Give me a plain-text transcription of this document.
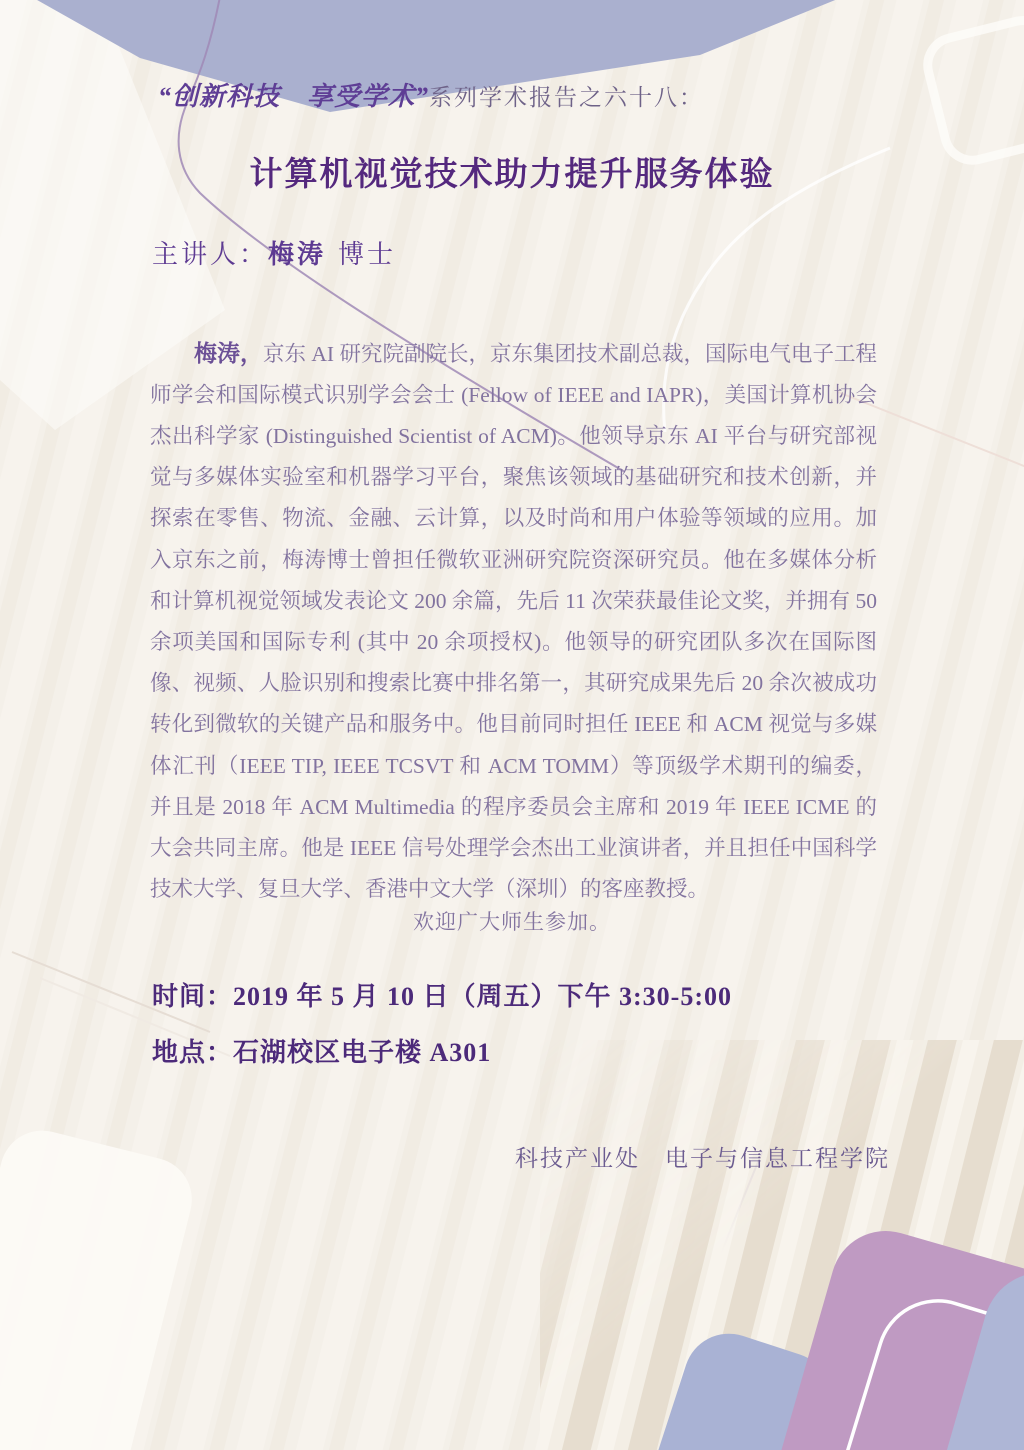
“创新科技　享受学术”系列学术报告之六十八：
计算机视觉技术助力提升服务体验
主讲人：梅涛 博士

梅涛，京东 AI 研究院副院长，京东集团技术副总裁，国际电气电子工程师学会和国际模式识别学会会士 (Fellow of IEEE and IAPR)，美国计算机协会杰出科学家 (Distinguished Scientist of ACM)。他领导京东 AI 平台与研究部视觉与多媒体实验室和机器学习平台，聚焦该领域的基础研究和技术创新，并探索在零售、物流、金融、云计算，以及时尚和用户体验等领域的应用。加入京东之前，梅涛博士曾担任微软亚洲研究院资深研究员。他在多媒体分析和计算机视觉领域发表论文 200 余篇，先后 11 次荣获最佳论文奖，并拥有 50 余项美国和国际专利 (其中 20 余项授权)。他领导的研究团队多次在国际图像、视频、人脸识别和搜索比赛中排名第一，其研究成果先后 20 余次被成功转化到微软的关键产品和服务中。他目前同时担任 IEEE 和 ACM 视觉与多媒体汇刊（IEEE TIP, IEEE TCSVT 和 ACM TOMM）等顶级学术期刊的编委，并且是 2018 年 ACM Multimedia 的程序委员会主席和 2019 年 IEEE ICME 的大会共同主席。他是 IEEE 信号处理学会杰出工业演讲者，并且担任中国科学技术大学、复旦大学、香港中文大学（深圳）的客座教授。

欢迎广大师生参加。
时间：2019 年 5 月 10 日（周五）下午 3:30-5:00
地点：石湖校区电子楼 A301
科技产业处　电子与信息工程学院
